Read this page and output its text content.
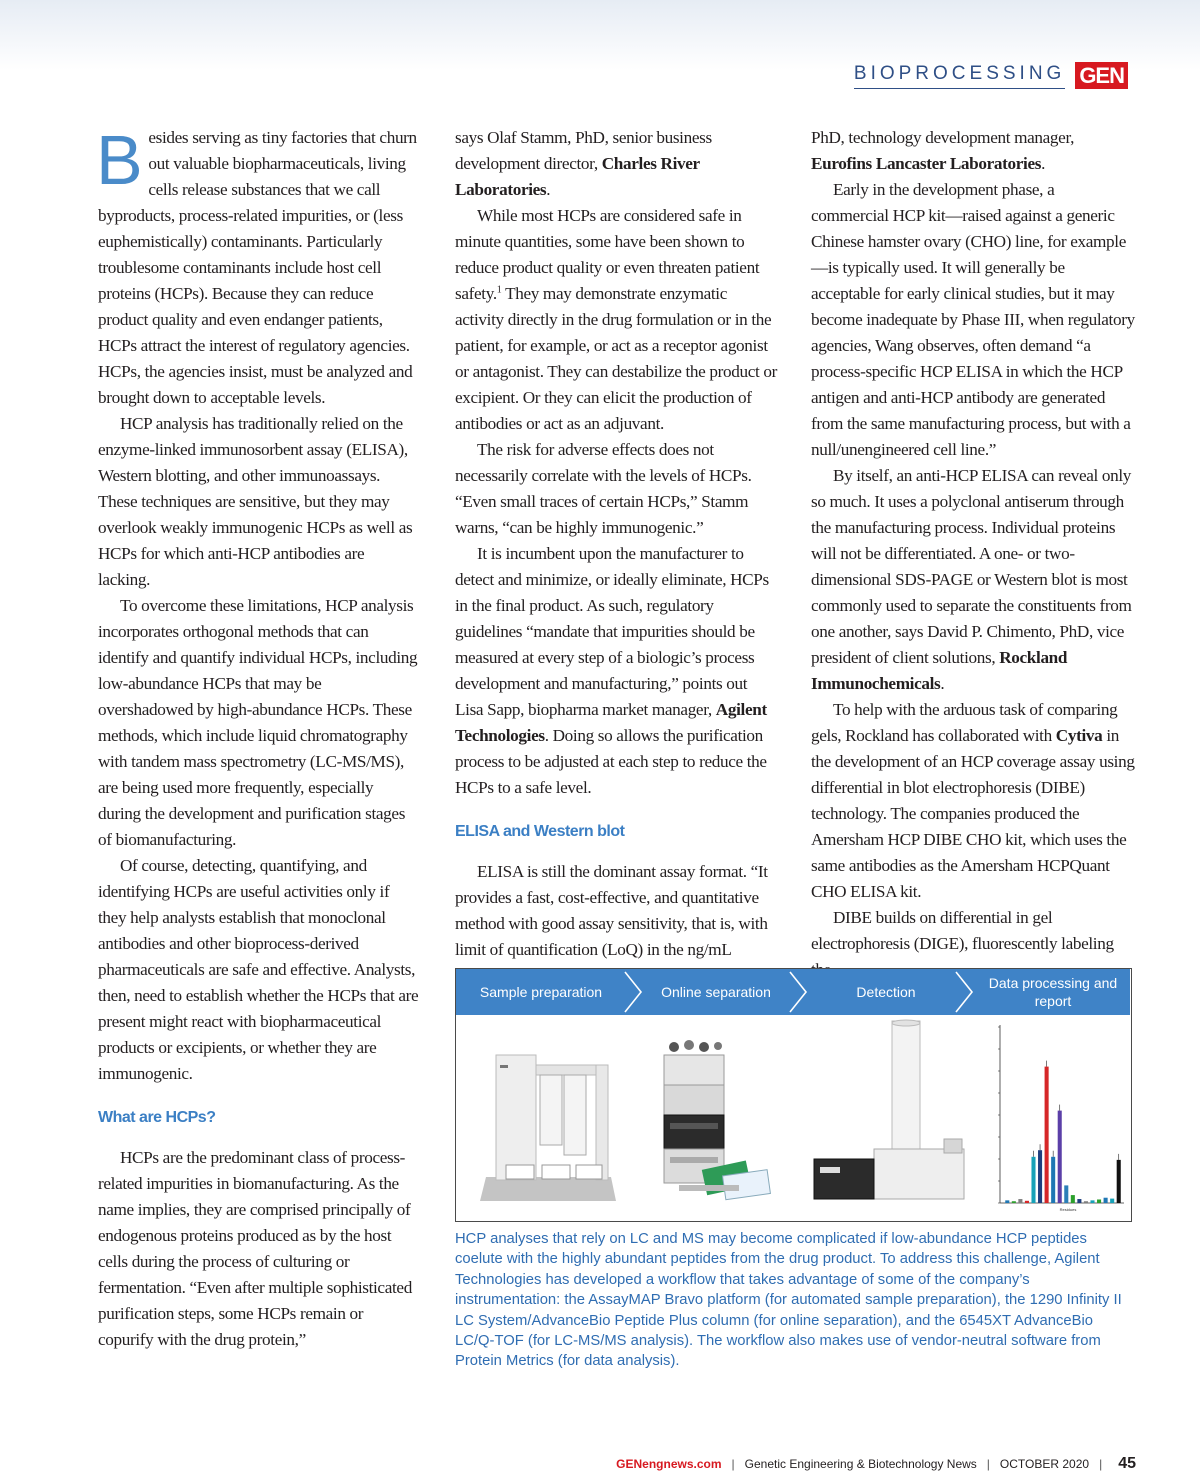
BIOPROCESSING GEN

Besides serving as tiny factories that churn out valuable biopharmaceuticals, living cells release substances that we call byproducts, process-related impurities, or (less euphemistically) contaminants. Particularly troublesome contaminants include host cell proteins (HCPs). Because they can reduce product quality and even endanger patients, HCPs attract the interest of regulatory agencies. HCPs, the agencies insist, must be analyzed and brought down to acceptable levels.

HCP analysis has traditionally relied on the enzyme-linked immunosorbent assay (ELISA), Western blotting, and other immunoassays. These techniques are sensitive, but they may overlook weakly immunogenic HCPs as well as HCPs for which anti-HCP antibodies are lacking.

To overcome these limitations, HCP analysis incorporates orthogonal methods that can identify and quantify individual HCPs, including low-abundance HCPs that may be overshadowed by high-abundance HCPs. These methods, which include liquid chromatography with tandem mass spectrometry (LC-MS/MS), are being used more frequently, especially during the development and purification stages of biomanufacturing.

Of course, detecting, quantifying, and identifying HCPs are useful activities only if they help analysts establish that monoclonal antibodies and other bioprocess-derived pharmaceuticals are safe and effective. Analysts, then, need to establish whether the HCPs that are present might react with biopharmaceutical products or excipients, or whether they are immunogenic.

What are HCPs?

HCPs are the predominant class of process-related impurities in biomanufacturing. As the name implies, they are comprised principally of endogenous proteins produced as by the host cells during the process of culturing or fermentation. “Even after multiple sophisticated purification steps, some HCPs remain or copurify with the drug protein,”

says Olaf Stamm, PhD, senior business development director, Charles River Laboratories.

While most HCPs are considered safe in minute quantities, some have been shown to reduce product quality or even threaten patient safety.$^1$ They may demonstrate enzymatic activity directly in the drug formulation or in the patient, for example, or act as a receptor agonist or antagonist. They can destabilize the product or excipient. Or they can elicit the production of antibodies or act as an adjuvant.

The risk for adverse effects does not necessarily correlate with the levels of HCPs. “Even small traces of certain HCPs,” Stamm warns, “can be highly immunogenic.”

It is incumbent upon the manufacturer to detect and minimize, or ideally eliminate, HCPs in the final product. As such, regulatory guidelines “mandate that impurities should be measured at every step of a biologic’s process development and manufacturing,” points out Lisa Sapp, biopharma market manager, Agilent Technologies. Doing so allows the purification process to be adjusted at each step to reduce the HCPs to a safe level.

ELISA and Western blot

ELISA is still the dominant assay format. “It provides a fast, cost-effective, and quantitative method with good assay sensitivity, that is, with limit of quantification (LoQ) in the ng/mL

PhD, technology development manager, Eurofins Lancaster Laboratories.

Early in the development phase, a commercial HCP kit—raised against a generic Chinese hamster ovary (CHO) line, for example—is typically used. It will generally be acceptable for early clinical studies, but it may become inadequate by Phase III, when regulatory agencies, Wang observes, often demand “a process-specific HCP ELISA in which the HCP antigen and anti-HCP antibody are generated from the same manufacturing process, but with a null/unengineered cell line.”

By itself, an anti-HCP ELISA can reveal only so much. It uses a polyclonal antiserum through the manufacturing process. Individual proteins will not be differentiated. A one- or two-dimensional SDS-PAGE or Western blot is most commonly used to separate the constituents from one another, says David P. Chimento, PhD, vice president of client solutions, Rockland Immunochemicals.

To help with the arduous task of comparing gels, Rockland has collaborated with Cytiva in the development of an HCP coverage assay using differential in blot electrophoresis (DIBE) technology. The companies produced the Amersham HCP DIBE CHO kit, which uses the same antibodies as the Amersham HCPQuant CHO ELISA kit.

DIBE builds on differential in gel electrophoresis (DIGE), fluorescently labeling

Sample preparation	Online separation	Detection
Data processing and report
Residues
HCP analyses that rely on LC and MS may become complicated if low-abundance HCP peptides coelute with the highly abundant peptides from the drug product. To address this challenge, Agilent Technologies has developed a workflow that takes advantage of some of the company’s instrumentation: the AssayMAP Bravo platform (for automated sample preparation), the 1290 Infinity II LC System/AdvanceBio Peptide Plus column (for online separation), and the 6545XT AdvanceBio LC/Q-TOF (for LC-MS/MS analysis). The workflow also makes use of vendor-neutral software from Protein Metrics (for data analysis).
GENengnews.com | Genetic Engineering & Biotechnology News | OCTOBER 2020 | 45
